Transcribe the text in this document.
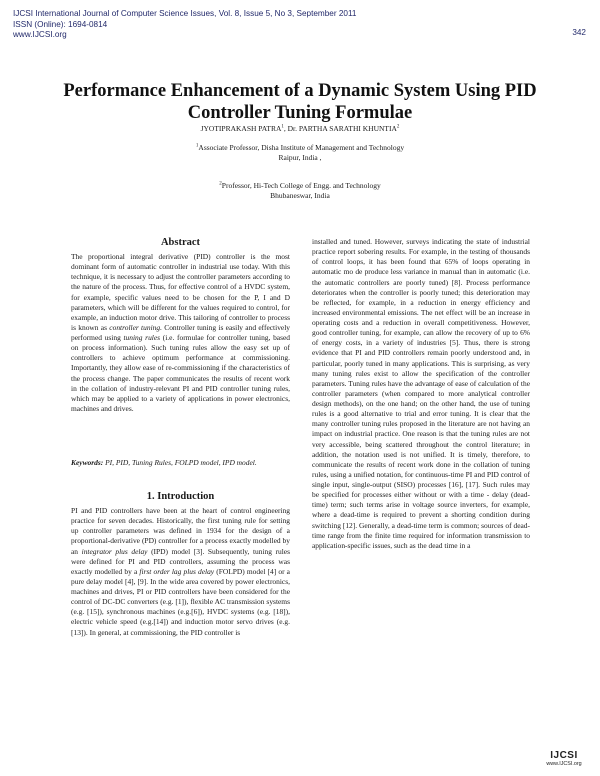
IJCSI International Journal of Computer Science Issues, Vol. 8, Issue 5, No 3, September 2011
ISSN (Online): 1694-0814
www.IJCSI.org	342
Performance Enhancement of a Dynamic System Using PID Controller Tuning Formulae
JYOTIPRAKASH PATRA$^1$, Dr. PARTHA SARATHI KHUNTIA$^2$
$^1$Associate Professor, Disha Institute of Management and Technology
Raipur, India ,
$^2$Professor, Hi-Tech College of Engg. and Technology
Bhubaneswar, India
Abstract

The proportional integral derivative (PID) controller is the most dominant form of automatic controller in industrial use today. With this technique, it is necessary to adjust the controller parameters according to the nature of the process. Thus, for effective control of a HVDC system, for example, specific values need to be chosen for the P, I and D parameters, which will be different for the values required to control, for example, an induction motor drive. This tailoring of controller to process is known as controller tuning. Controller tuning is easily and effectively performed using tuning rules (i.e. formulae for controller tuning, based on process information). Such tuning rules allow the easy set up of controllers to achieve optimum performance at commissioning. Importantly, they allow ease of re-commissioning if the characteristics of the process change. The paper communicates the results of recent work in the collation of industry-relevant PI and PID controller tuning rules, which may be applied to a variety of applications in power electronics, machines and drives.

Keywords: PI, PID, Tuning Rules, FOLPD model, IPD model.

1. Introduction

PI and PID controllers have been at the heart of control engineering practice for seven decades. Historically, the first tuning rule for setting up controller parameters was defined in 1934 for the design of a proportional-derivative (PD) controller for a process exactly modelled by an integrator plus delay (IPD) model [3]. Subsequently, tuning rules were defined for PI and PID controllers, assuming the process was exactly modelled by a first order lag plus delay (FOLPD) model [4] or a pure delay model [4], [9]. In the wide area covered by power electronics, machines and drives, PI or PID controllers have been considered for the control of DC-DC converters (e.g. [1]), flexible AC transmission systems (e.g. [15]), synchronous machines (e.g.[6]), HVDC systems (e.g. [18]), electric vehicle speed (e.g.[14]) and induction motor servo drives (e.g. [13]). In general, at commissioning, the PID controller is

installed and tuned. However, surveys indicating the state of industrial practice report sobering results. For example, in the testing of thousands of control loops, it has been found that 65% of loops operating in automatic mo de produce less variance in manual than in automatic (i.e. the automatic controllers are poorly tuned) [8]. Process performance deteriorates when the controller is poorly tuned; this deterioration may be reflected, for example, in a reduction in energy efficiency and increased environmental emissions. The net effect will be an increase in operating costs and a reduction in overall competitiveness. However, good controller tuning, for example, can allow the recovery of up to 6% of energy costs, in a variety of industries [5]. Thus, there is strong evidence that PI and PID controllers remain poorly understood and, in particular, poorly tuned in many applications. This is surprising, as very many tuning rules exist to allow the specification of the controller parameters. Tuning rules have the advantage of ease of calculation of the controller parameters (when compared to more analytical controller design methods), on the one hand; on the other hand, the use of tuning rules is a good alternative to trial and error tuning. It is clear that the many controller tuning rules proposed in the literature are not having an impact on industrial practice. One reason is that the tuning rules are not very accessible, being scattered throughout the control literature; in addition, the notation used is not unified. It is timely, therefore, to communicate the results of recent work done in the collation of tuning rules, using a unified notation, for continuous-time PI and PID control of single input, single-output (SISO) processes [16], [17]. Such rules may be specified for processes either without or with a time - delay (dead-time) term; such terms arise in voltage source inverters, for example, where a dead-time is required to prevent a shorting condition during switching [12]. Generally, a dead-time term is common; sources of dead-time range from the finite time required for information transmission to application-specific issues, such as the dead time in a

IJCSI
www.IJCSI.org
